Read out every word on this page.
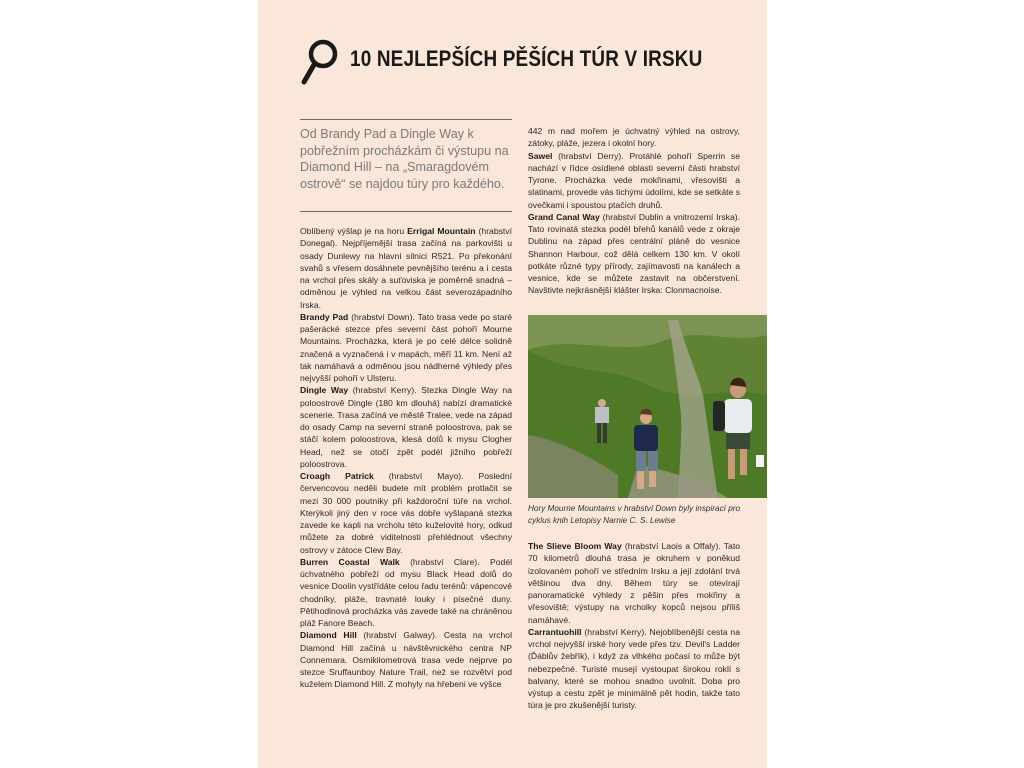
10 NEJLEPŠÍCH PĚŠÍCH TÚR V IRSKU
Od Brandy Pad a Dingle Way k pobřežním procházkám či výstupu na Diamond Hill – na „Smaragdovém ostrově“ se najdou túry pro každého.

Oblíbený výšlap je na horu Errigal Mountain (hrabství Donegal). Nejpříjemější trasa začíná na parkovišti u osady Dunlewy na hlavní silnici R521. Po překonání svahů s vřesem dosáhnete pevnějšího terénu a i cesta na vrchol přes skály a suťoviska je poměrně snadná – odměnou je výhled na velkou část severozápadního Irska.

Brandy Pad (hrabství Down). Tato trasa vede po staré pašerácké stezce přes severní část pohoří Mourne Mountains. Procházka, která je po celé délce solidně značená a vyznačená i v mapách, měří 11 km. Není až tak namáhavá a odměnou jsou nádherné výhledy přes nejvyšší pohoří v Ulsteru.

Dingle Way (hrabství Kerry). Stezka Dingle Way na poloostrově Dingle (180 km dlouhá) nabízí dramatické scenerie. Trasa začíná ve městě Tralee, vede na západ do osady Camp na severní straně poloostrova, pak se stáčí kolem poloostrova, klesá dolů k mysu Clogher Head, než se otočí zpět podél jižního pobřeží poloostrova.

Croagh Patrick (hrabství Mayo). Poslední červencovou neděli budete mít problém protlačit se mezi 30 000 poutníky při každoroční túře na vrchol. Kterýkoli jiný den v roce vás dobře vyšlapaná stezka zavede ke kapli na vrcholu této kuželovité hory, odkud můžete za dobré viditelnosti přehlédnout všechny ostrovy v zátoce Clew Bay.

Burren Coastal Walk (hrabství Clare). Podél úchvatného pobřeží od mysu Black Head dolů do vesnice Doolin vystřídáte celou řadu terénů: vápencové chodníky, pláže, travnaté louky i písečné duny. Pětihodinová procházka vás zavede také na chráněnou pláž Fanore Beach.

Diamond Hill (hrabství Galway). Cesta na vrchol Diamond Hill začíná u návštěvnického centra NP Connemara. Osmikilometrová trasa vede nejprve po stezce Sruffaunboy Nature Trail, než se rozvětví pod kuželem Diamond Hill. Z mohyly na hřebeni ve výšce

442 m nad mořem je úchvatný výhled na ostrovy, zátoky, pláže, jezera i okolní hory.

Sawel (hrabství Derry). Protáhlé pohoří Sperrin se nachází v řídce osídlené oblasti severní části hrabství Tyrone. Procházka vede mokřinami, vřesovišti a slatinami, provede vás tichými údolími, kde se setkáte s ovečkami i spoustou ptačích druhů.

Grand Canal Way (hrabství Dublin a vnitrozemí Irska). Tato rovinatá stezka podél břehů kanálů vede z okraje Dublinu na západ přes centrální pláně do vesnice Shannon Harbour, což dělá celkem 130 km. V okolí potkáte různé typy přírody, zajímavosti na kanálech a vesnice, kde se můžete zastavit na občerstvení. Navštivte nejkrásnější klášter Irska: Clonmacnoise.

Hory Mourne Mountains v hrabství Down byly inspirací pro cyklus knih Letopisy Narnie C. S. Lewise

The Slieve Bloom Way (hrabství Laois a Offaly). Tato 70 kilometrů dlouhá trasa je okruhem v poněkud izolovaném pohoří ve středním Irsku a její zdolání trvá většinou dva dny. Během túry se otevírají panoramatické výhledy z pěšin přes mokřiny a vřesoviště; výstupy na vrcholky kopců nejsou příliš namáhavé.

Carrantuohill (hrabství Kerry). Nejoblíbenější cesta na vrchol nejvyšší irské hory vede přes tzv. Devil's Ladder (Ďáblův žebřík), i když za vlhkého počasí to může být nebezpečné. Turisté musejí vystoupat širokou roklí s balvany, které se mohou snadno uvolnit. Doba pro výstup a cestu zpět je minimálně pět hodin, takže tato túra je pro zkušenější turisty.
